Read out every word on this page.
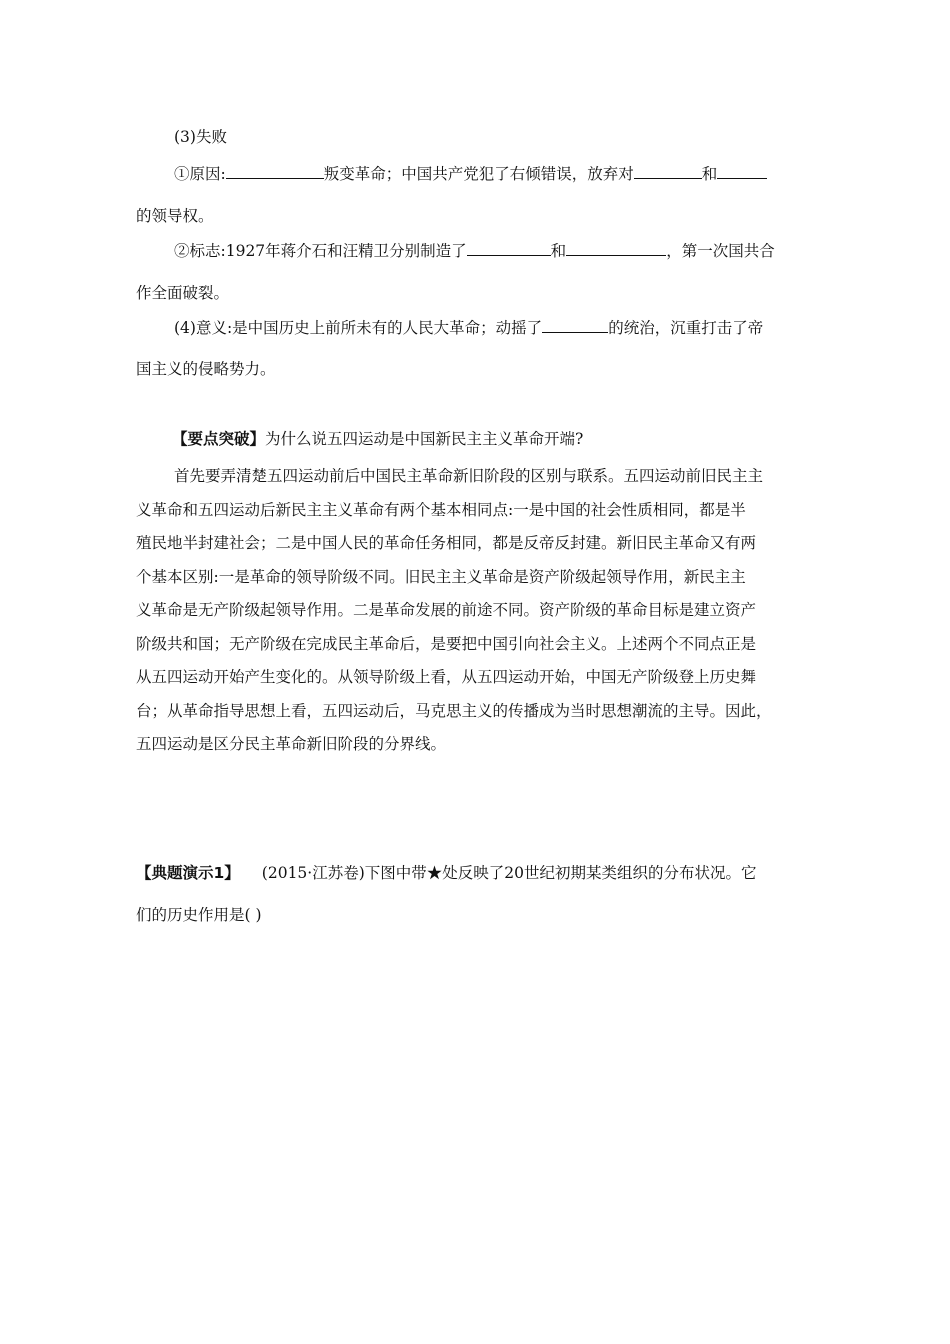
(3)失败
①原因:	叛变革命；中国共产党犯了右倾错误，放弃对	和
的领导权。
②标志:1927年蒋介石和汪精卫分别制造了	和	，第一次国共合
作全面破裂。
(4)意义:是中国历史上前所未有的人民大革命；动摇了	的统治，沉重打击了帝
国主义的侵略势力。
【要点突破】为什么说五四运动是中国新民主主义革命开端?
首先要弄清楚五四运动前后中国民主革命新旧阶段的区别与联系。五四运动前旧民主主
义革命和五四运动后新民主主义革命有两个基本相同点:一是中国的社会性质相同，都是半
殖民地半封建社会；二是中国人民的革命任务相同，都是反帝反封建。新旧民主革命又有两
个基本区别:一是革命的领导阶级不同。旧民主主义革命是资产阶级起领导作用，新民主主
义革命是无产阶级起领导作用。二是革命发展的前途不同。资产阶级的革命目标是建立资产
阶级共和国；无产阶级在完成民主革命后，是要把中国引向社会主义。上述两个不同点正是
从五四运动开始产生变化的。从领导阶级上看，从五四运动开始，中国无产阶级登上历史舞
台；从革命指导思想上看，五四运动后，马克思主义的传播成为当时思想潮流的主导。因此，
五四运动是区分民主革命新旧阶段的分界线。
【典题演示1】 (2015·江苏卷)下图中带★处反映了20世纪初期某类组织的分布状况。它
们的历史作用是( )
